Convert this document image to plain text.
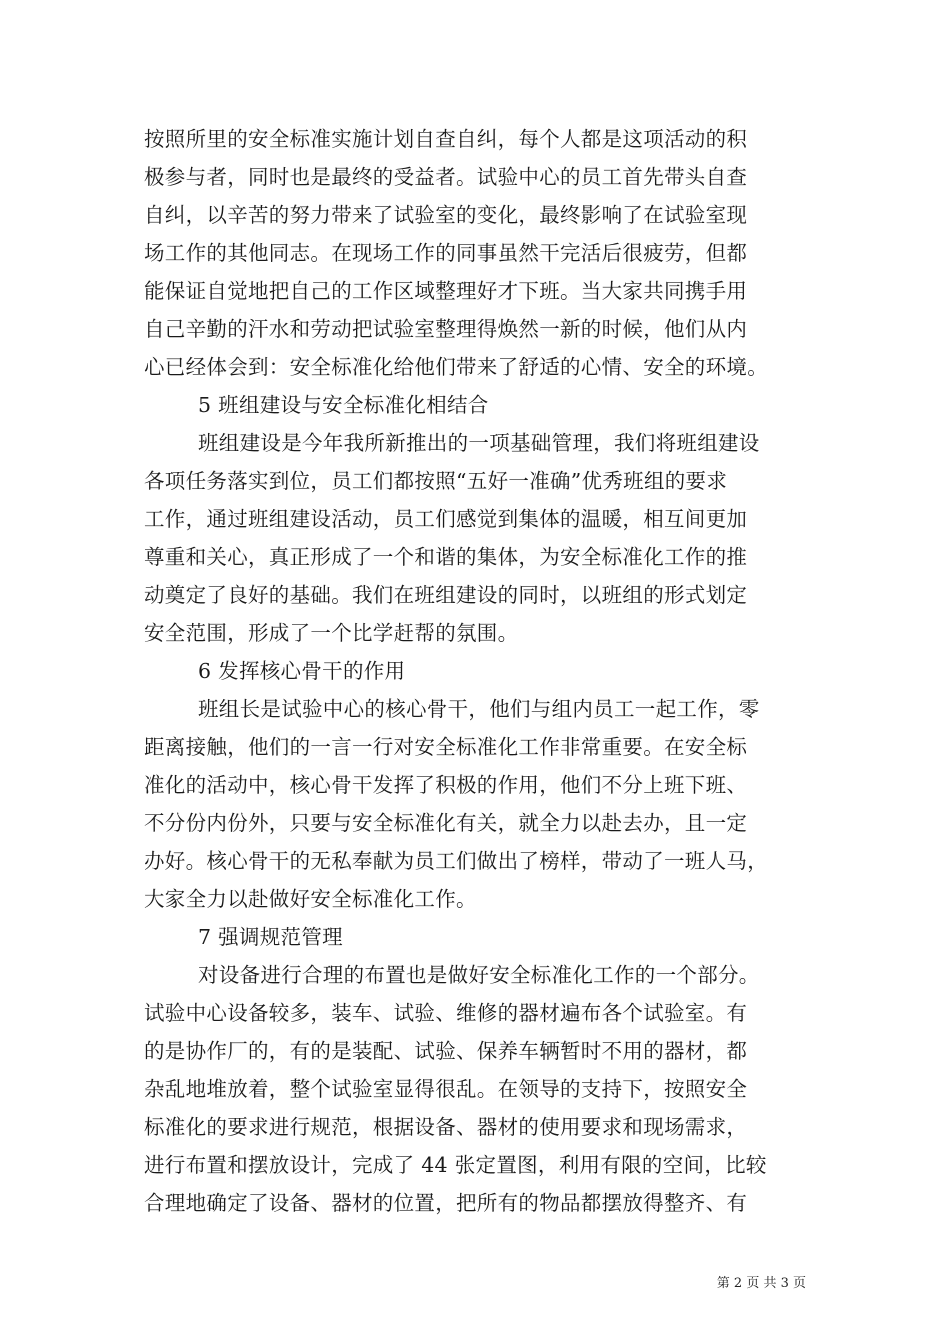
按照所里的安全标准实施计划自查自纠，每个人都是这项活动的积
极参与者，同时也是最终的受益者。试验中心的员工首先带头自查
自纠，以辛苦的努力带来了试验室的变化，最终影响了在试验室现
场工作的其他同志。在现场工作的同事虽然干完活后很疲劳，但都
能保证自觉地把自己的工作区域整理好才下班。当大家共同携手用
自己辛勤的汗水和劳动把试验室整理得焕然一新的时候，他们从内
心已经体会到：安全标准化给他们带来了舒适的心情、安全的环境。
5 班组建设与安全标准化相结合
班组建设是今年我所新推出的一项基础管理，我们将班组建设
各项任务落实到位，员工们都按照“五好一准确”优秀班组的要求
工作，通过班组建设活动，员工们感觉到集体的温暖，相互间更加
尊重和关心，真正形成了一个和谐的集体，为安全标准化工作的推
动奠定了良好的基础。我们在班组建设的同时，以班组的形式划定
安全范围，形成了一个比学赶帮的氛围。
6 发挥核心骨干的作用
班组长是试验中心的核心骨干，他们与组内员工一起工作，零
距离接触，他们的一言一行对安全标准化工作非常重要。在安全标
准化的活动中，核心骨干发挥了积极的作用，他们不分上班下班、
不分份内份外，只要与安全标准化有关，就全力以赴去办，且一定
办好。核心骨干的无私奉献为员工们做出了榜样，带动了一班人马，
大家全力以赴做好安全标准化工作。
7 强调规范管理
对设备进行合理的布置也是做好安全标准化工作的一个部分。
试验中心设备较多，装车、试验、维修的器材遍布各个试验室。有
的是协作厂的，有的是装配、试验、保养车辆暂时不用的器材，都
杂乱地堆放着，整个试验室显得很乱。在领导的支持下，按照安全
标准化的要求进行规范，根据设备、器材的使用要求和现场需求，
进行布置和摆放设计，完成了 44 张定置图，利用有限的空间，比较
合理地确定了设备、器材的位置，把所有的物品都摆放得整齐、有
第 2 页 共 3 页
